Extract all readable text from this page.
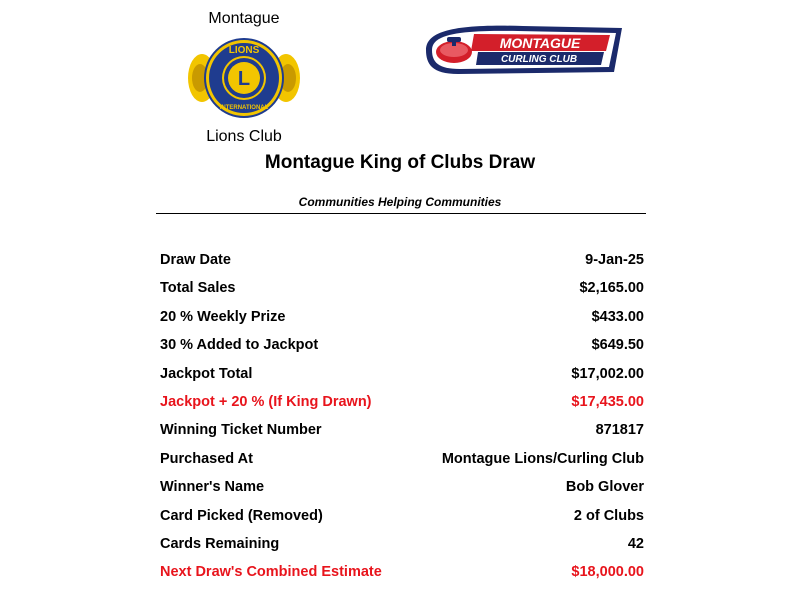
Montague
L
LIONS
INTERNATIONAL
Lions Club
MONTAGUE
CURLING CLUB
Montague King of Clubs Draw
Communities Helping Communities
Draw Date	9-Jan-25
Total Sales	$2,165.00
20 % Weekly Prize	$433.00
30 % Added to Jackpot	$649.50
Jackpot Total	$17,002.00
Jackpot + 20 % (If King Drawn)	$17,435.00
Winning Ticket Number	871817
Purchased At	Montague Lions/Curling Club
Winner's Name	Bob Glover
Card Picked (Removed)	2 of Clubs
Cards Remaining	42
Next Draw's Combined Estimate	$18,000.00
